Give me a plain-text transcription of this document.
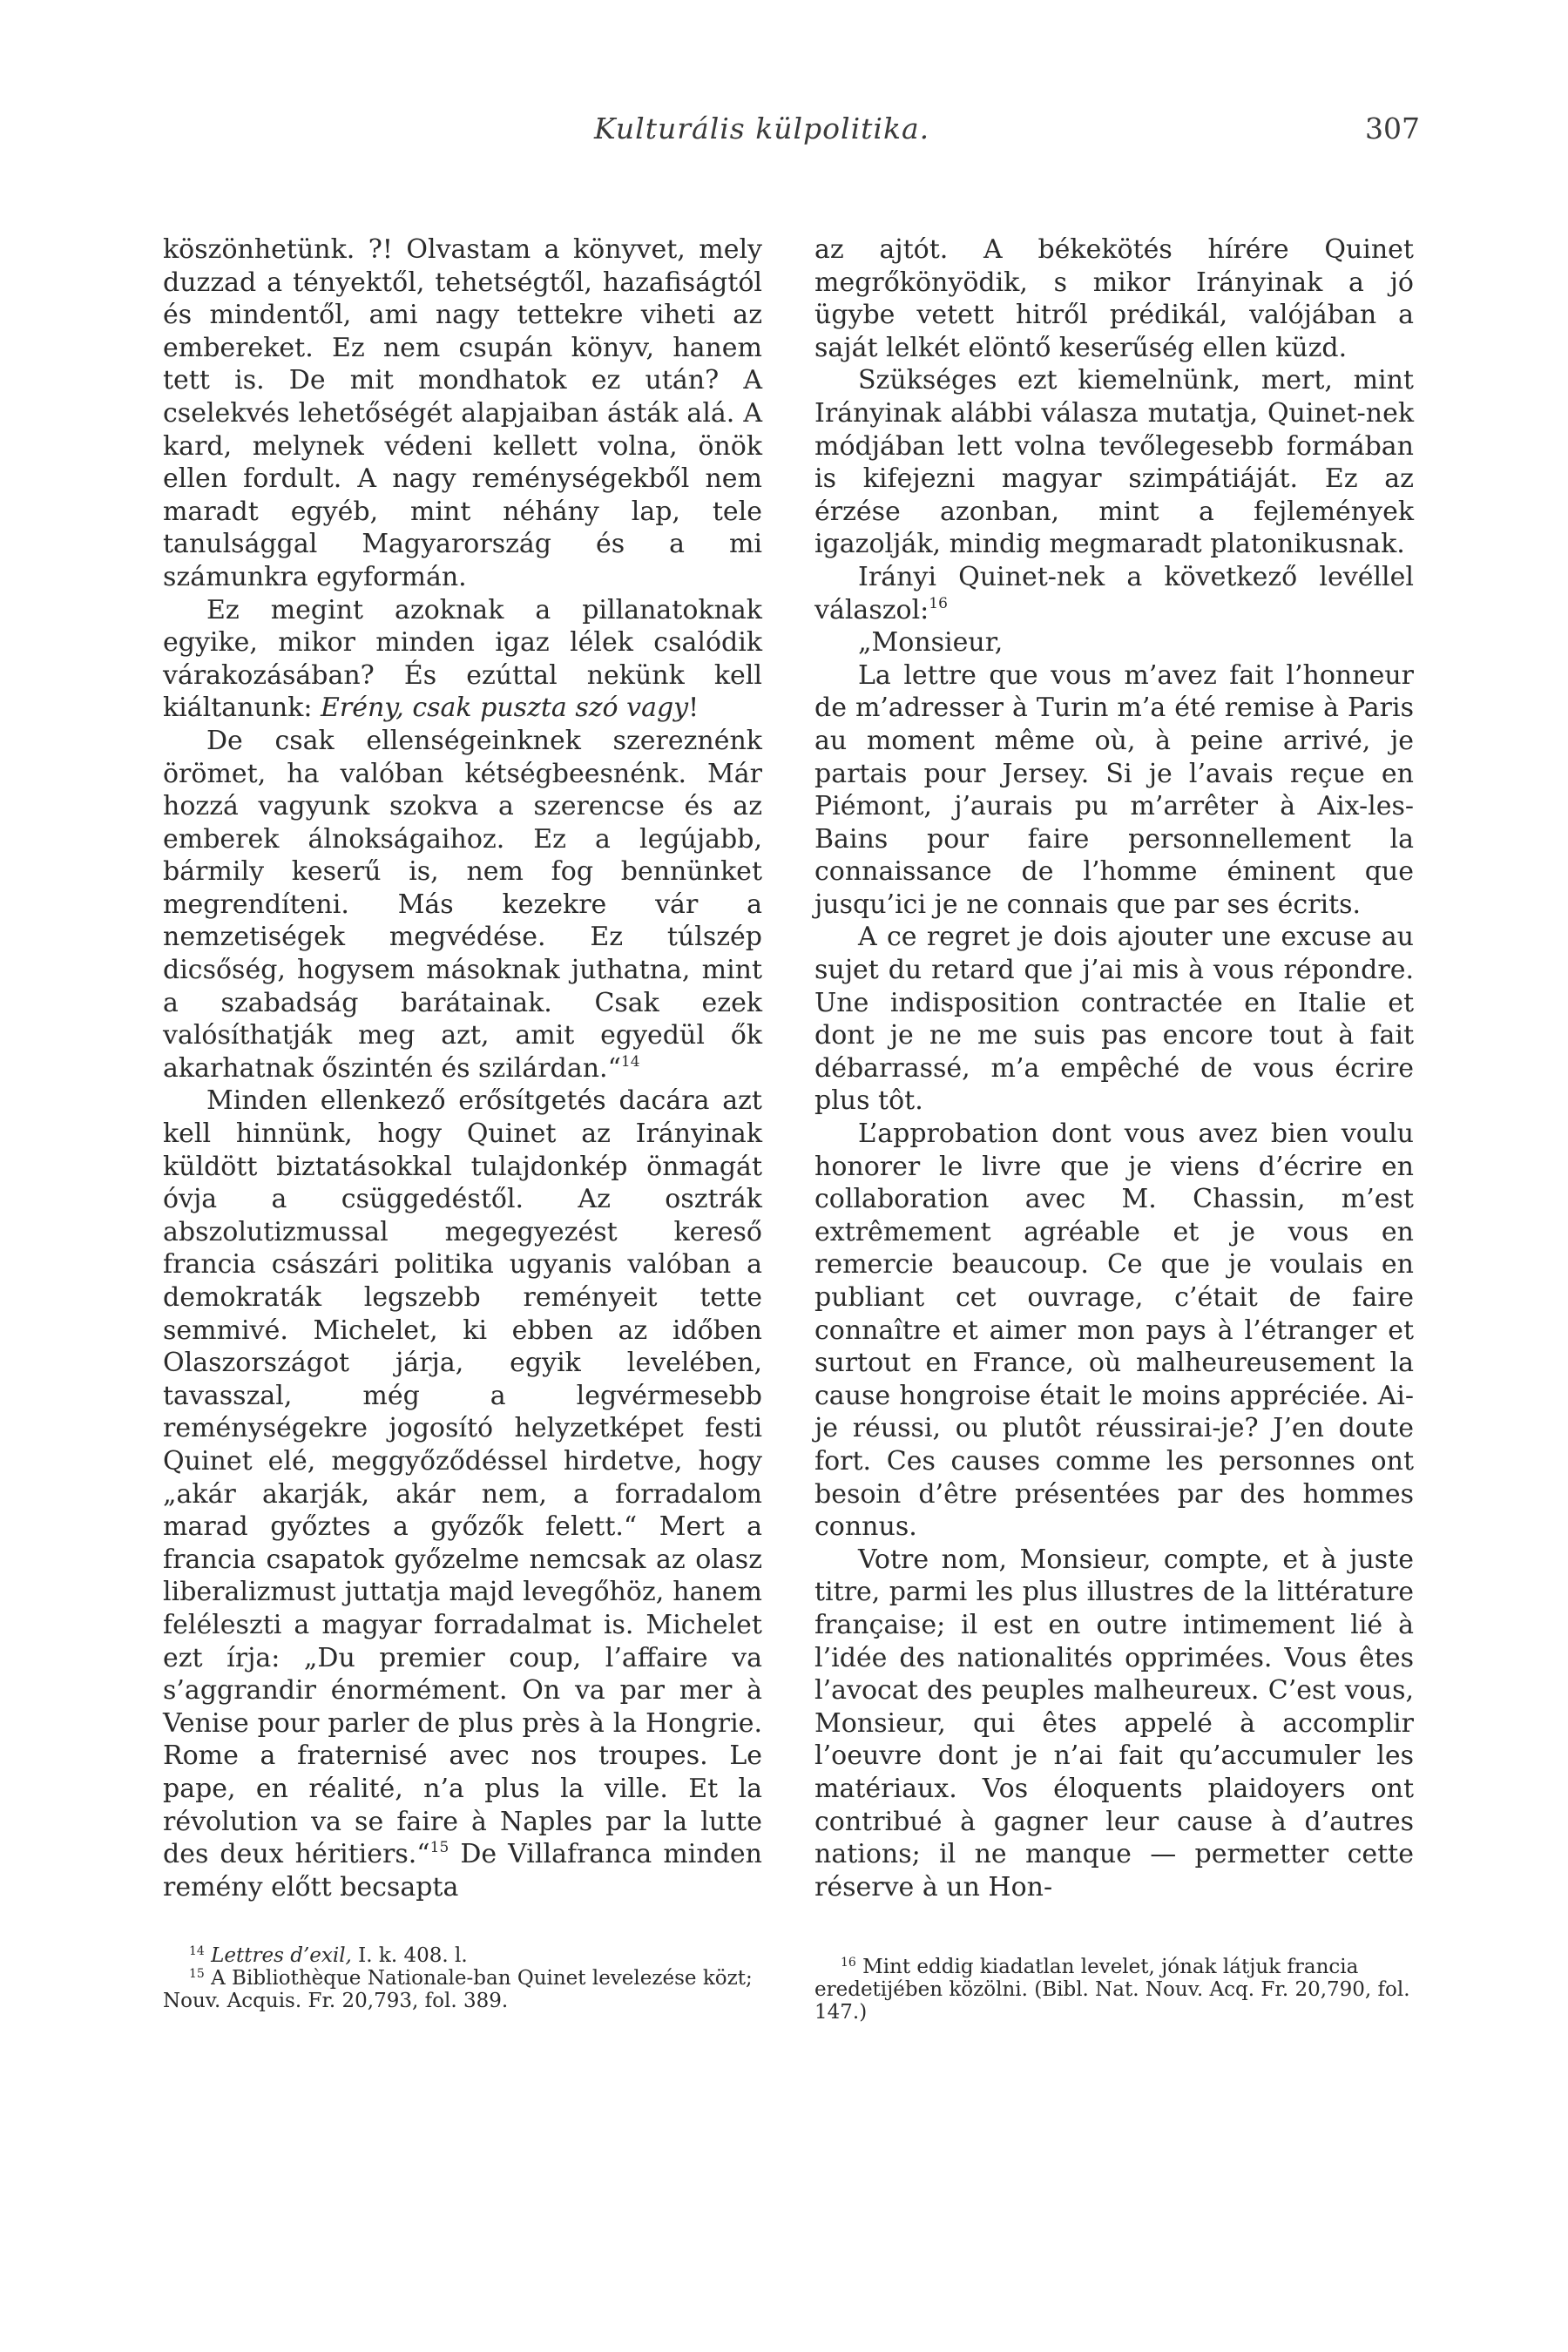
Kulturális külpolitika.	307

köszönhetünk. ?! Olvastam a könyvet, mely duzzad a tényektől, tehetségtől, hazafiságtól és mindentől, ami nagy tettekre viheti az embereket. Ez nem csupán könyv, hanem tett is. De mit mondhatok ez után? A cselekvés lehetőségét alapjaiban ásták alá. A kard, melynek védeni kellett volna, önök ellen fordult. A nagy reménységekből nem maradt egyéb, mint néhány lap, tele tanulsággal Magyarország és a mi számunkra egyformán.

Ez megint azoknak a pillanatoknak egyike, mikor minden igaz lélek csalódik várakozásában? És ezúttal nekünk kell kiáltanunk: Erény, csak puszta szó vagy!

De csak ellenségeinknek szereznénk örömet, ha valóban kétségbeesnénk. Már hozzá vagyunk szokva a szerencse és az emberek álnokságaihoz. Ez a legújabb, bármily keserű is, nem fog bennünket megrendíteni. Más kezekre vár a nemzetiségek megvédése. Ez túlszép dicsőség, hogysem másoknak juthatna, mint a szabadság barátainak. Csak ezek valósíthatják meg azt, amit egyedül ők akarhatnak őszintén és szilárdan.“$^{14}$

Minden ellenkező erősítgetés dacára azt kell hinnünk, hogy Quinet az Irányinak küldött biztatásokkal tulajdonkép önmagát óvja a csüggedéstől. Az osztrák abszolutizmussal megegyezést kereső francia császári politika ugyanis valóban a demokraták legszebb reményeit tette semmivé. Michelet, ki ebben az időben Olaszországot járja, egyik levelében, tavasszal, még a legvérmesebb reménységekre jogosító helyzetképet festi Quinet elé, meggyőződéssel hirdetve, hogy „akár akarják, akár nem, a forradalom marad győztes a győzők felett.“ Mert a francia csapatok győzelme nemcsak az olasz liberalizmust juttatja majd levegőhöz, hanem feléleszti a magyar forradalmat is. Michelet ezt írja: „Du premier coup, l’affaire va s’aggrandir énormément. On va par mer à Venise pour parler de plus près à la Hongrie. Rome a fraternisé avec nos troupes. Le pape, en réalité, n’a plus la ville. Et la révolution va se faire à Naples par la lutte des deux héritiers.“$^{15}$ De Villafranca minden remény előtt becsapta

az ajtót. A békekötés hírére Quinet megrőkönyödik, s mikor Irányinak a jó ügybe vetett hitről prédikál, valójában a saját lelkét elöntő keserűség ellen küzd.

Szükséges ezt kiemelnünk, mert, mint Irányinak alábbi válasza mutatja, Quinet-nek módjában lett volna tevőlegesebb formában is kifejezni magyar szimpátiáját. Ez az érzése azonban, mint a fejlemények igazolják, mindig megmaradt platonikusnak.

Irányi Quinet-nek a következő levéllel válaszol:$^{16}$

„Monsieur,

La lettre que vous m’avez fait l’honneur de m’adresser à Turin m’a été remise à Paris au moment même où, à peine arrivé, je partais pour Jersey. Si je l’avais reçue en Piémont, j’aurais pu m’arrêter à Aix-les-Bains pour faire personnellement la connaissance de l’homme éminent que jusqu’ici je ne connais que par ses écrits.

A ce regret je dois ajouter une excuse au sujet du retard que j’ai mis à vous répondre. Une indisposition contractée en Italie et dont je ne me suis pas encore tout à fait débarrassé, m’a empêché de vous écrire plus tôt.

L’approbation dont vous avez bien voulu honorer le livre que je viens d’écrire en collaboration avec M. Chassin, m’est extrêmement agréable et je vous en remercie beaucoup. Ce que je voulais en publiant cet ouvrage, c’était de faire connaître et aimer mon pays à l’étranger et surtout en France, où malheureusement la cause hongroise était le moins appréciée. Ai-je réussi, ou plutôt réussirai-je? J’en doute fort. Ces causes comme les personnes ont besoin d’être présentées par des hommes connus.

Votre nom, Monsieur, compte, et à juste titre, parmi les plus illustres de la littérature française; il est en outre intimement lié à l’idée des nationalités opprimées. Vous êtes l’avocat des peuples malheureux. C’est vous, Monsieur, qui êtes appelé à accomplir l’oeuvre dont je n’ai fait qu’accumuler les matériaux. Vos éloquents plaidoyers ont contribué à gagner leur cause à d’autres nations; il ne manque — permetter cette réserve à un Hon-

$^{14}$ Lettres d’exil, I. k. 408. l.

$^{15}$ A Bibliothèque Nationale-ban Quinet levelezése közt; Nouv. Acquis. Fr. 20,793, fol. 389.

$^{16}$ Mint eddig kiadatlan levelet, jónak látjuk francia eredetijében közölni. (Bibl. Nat. Nouv. Acq. Fr. 20,790, fol. 147.)
